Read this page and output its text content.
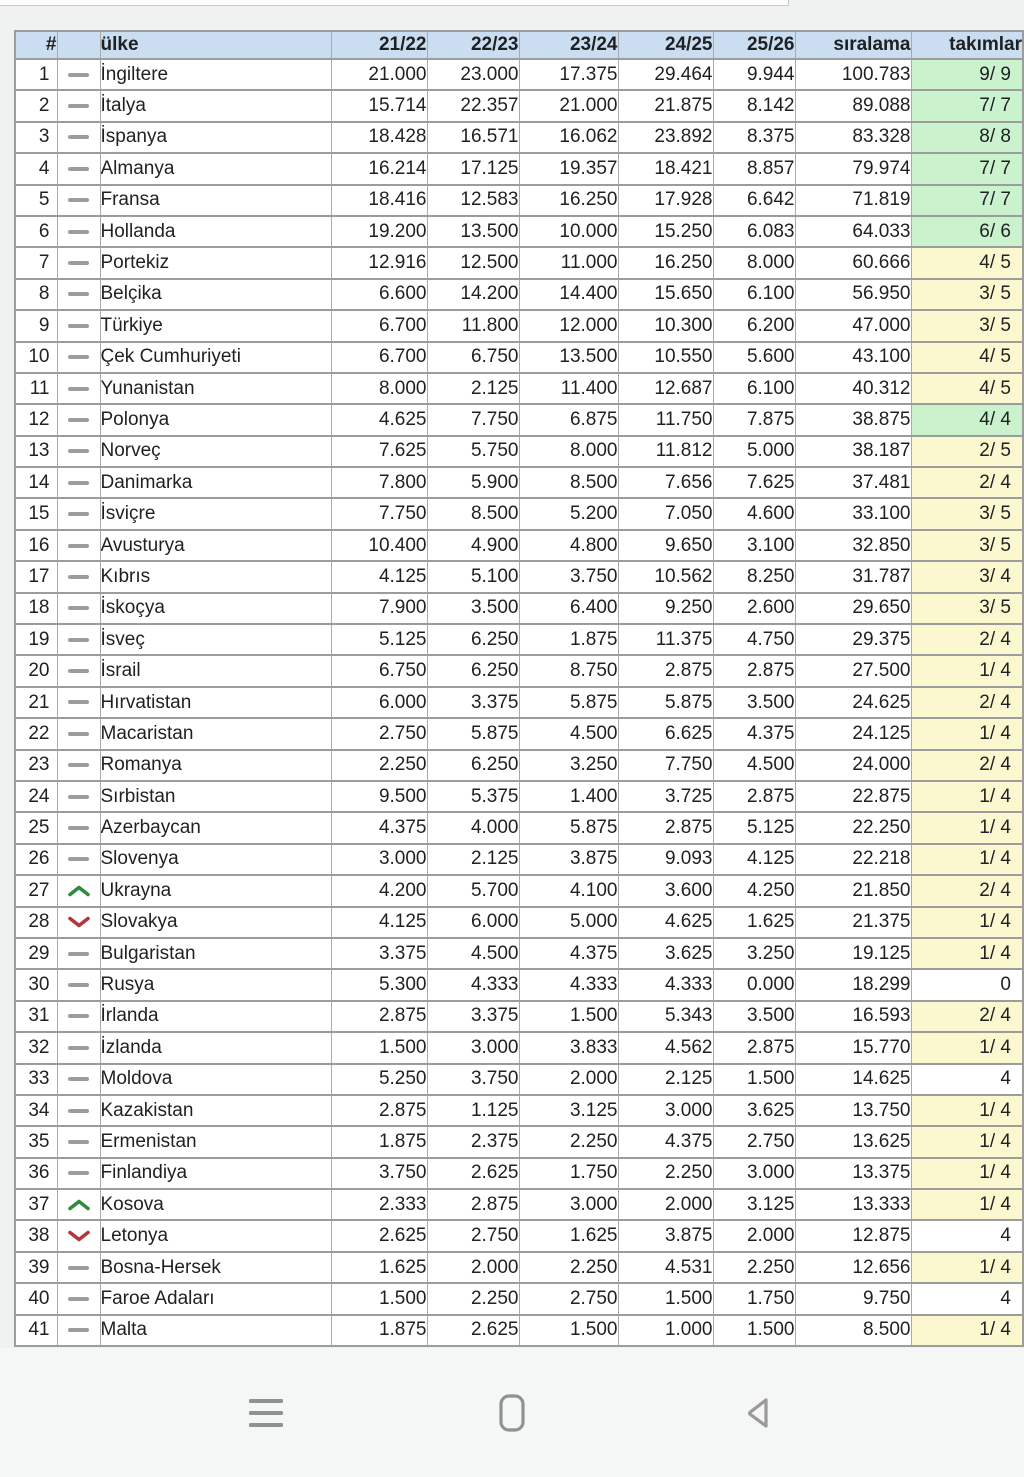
#		ülke	21/22	22/23	23/24	24/25	25/26	sıralama	takımlar
1		İngiltere	21.000	23.000	17.375	29.464	9.944	100.783	9/ 9
2		İtalya	15.714	22.357	21.000	21.875	8.142	89.088	7/ 7
3		İspanya	18.428	16.571	16.062	23.892	8.375	83.328	8/ 8
4		Almanya	16.214	17.125	19.357	18.421	8.857	79.974	7/ 7
5		Fransa	18.416	12.583	16.250	17.928	6.642	71.819	7/ 7
6		Hollanda	19.200	13.500	10.000	15.250	6.083	64.033	6/ 6
7		Portekiz	12.916	12.500	11.000	16.250	8.000	60.666	4/ 5
8		Belçika	6.600	14.200	14.400	15.650	6.100	56.950	3/ 5
9		Türkiye	6.700	11.800	12.000	10.300	6.200	47.000	3/ 5
10		Çek Cumhuriyeti	6.700	6.750	13.500	10.550	5.600	43.100	4/ 5
11		Yunanistan	8.000	2.125	11.400	12.687	6.100	40.312	4/ 5
12		Polonya	4.625	7.750	6.875	11.750	7.875	38.875	4/ 4
13		Norveç	7.625	5.750	8.000	11.812	5.000	38.187	2/ 5
14		Danimarka	7.800	5.900	8.500	7.656	7.625	37.481	2/ 4
15		İsviçre	7.750	8.500	5.200	7.050	4.600	33.100	3/ 5
16		Avusturya	10.400	4.900	4.800	9.650	3.100	32.850	3/ 5
17		Kıbrıs	4.125	5.100	3.750	10.562	8.250	31.787	3/ 4
18		İskoçya	7.900	3.500	6.400	9.250	2.600	29.650	3/ 5
19		İsveç	5.125	6.250	1.875	11.375	4.750	29.375	2/ 4
20		İsrail	6.750	6.250	8.750	2.875	2.875	27.500	1/ 4
21		Hırvatistan	6.000	3.375	5.875	5.875	3.500	24.625	2/ 4
22		Macaristan	2.750	5.875	4.500	6.625	4.375	24.125	1/ 4
23		Romanya	2.250	6.250	3.250	7.750	4.500	24.000	2/ 4
24		Sırbistan	9.500	5.375	1.400	3.725	2.875	22.875	1/ 4
25		Azerbaycan	4.375	4.000	5.875	2.875	5.125	22.250	1/ 4
26		Slovenya	3.000	2.125	3.875	9.093	4.125	22.218	1/ 4
27		Ukrayna	4.200	5.700	4.100	3.600	4.250	21.850	2/ 4
28		Slovakya	4.125	6.000	5.000	4.625	1.625	21.375	1/ 4
29		Bulgaristan	3.375	4.500	4.375	3.625	3.250	19.125	1/ 4
30		Rusya	5.300	4.333	4.333	4.333	0.000	18.299	0
31		İrlanda	2.875	3.375	1.500	5.343	3.500	16.593	2/ 4
32		İzlanda	1.500	3.000	3.833	4.562	2.875	15.770	1/ 4
33		Moldova	5.250	3.750	2.000	2.125	1.500	14.625	4
34		Kazakistan	2.875	1.125	3.125	3.000	3.625	13.750	1/ 4
35		Ermenistan	1.875	2.375	2.250	4.375	2.750	13.625	1/ 4
36		Finlandiya	3.750	2.625	1.750	2.250	3.000	13.375	1/ 4
37		Kosova	2.333	2.875	3.000	2.000	3.125	13.333	1/ 4
38		Letonya	2.625	2.750	1.625	3.875	2.000	12.875	4
39		Bosna-Hersek	1.625	2.000	2.250	4.531	2.250	12.656	1/ 4
40		Faroe Adaları	1.500	2.250	2.750	1.500	1.750	9.750	4
41		Malta	1.875	2.625	1.500	1.000	1.500	8.500	1/ 4
